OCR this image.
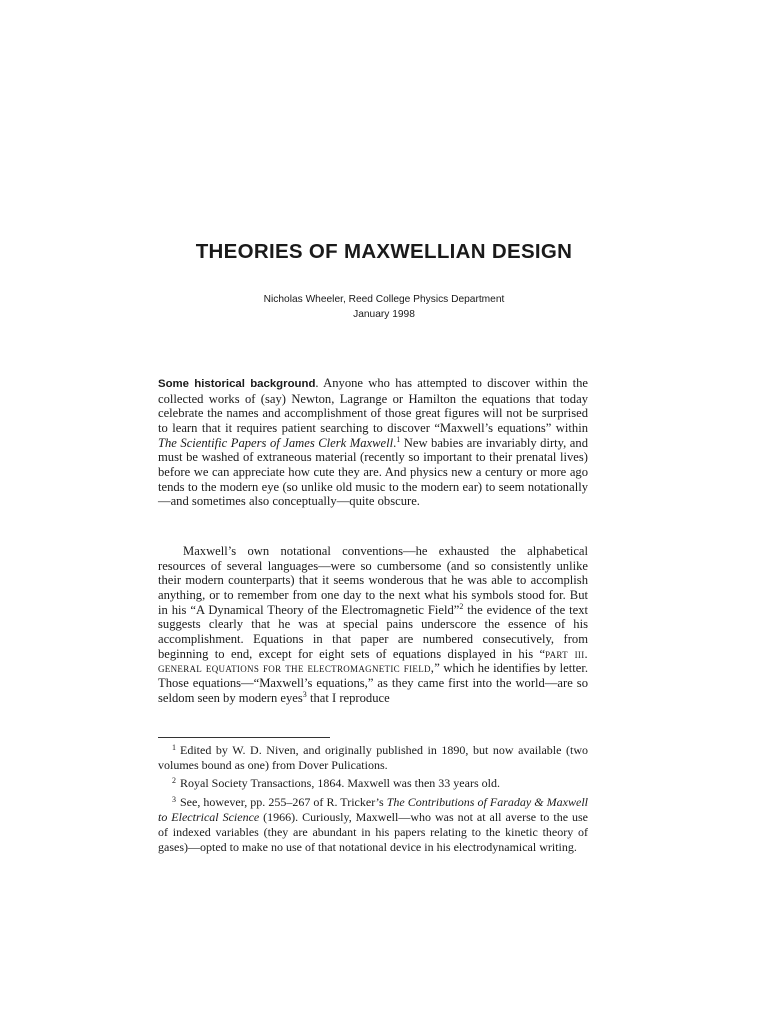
THEORIES OF MAXWELLIAN DESIGN

Nicholas Wheeler, Reed College Physics Department

January 1998

Some historical background. Anyone who has attempted to discover within the collected works of (say) Newton, Lagrange or Hamilton the equations that today celebrate the names and accomplishment of those great figures will not be surprised to learn that it requires patient searching to discover “Maxwell’s equations” within The Scientific Papers of James Clerk Maxwell.$^1$ New babies are invariably dirty, and must be washed of extraneous material (recently so important to their prenatal lives) before we can appreciate how cute they are. And physics new a century or more ago tends to the modern eye (so unlike old music to the modern ear) to seem notationally—and sometimes also conceptually—quite obscure.

Maxwell’s own notational conventions—he exhausted the alphabetical resources of several languages—were so cumbersome (and so consistently unlike their modern counterparts) that it seems wonderous that he was able to accomplish anything, or to remember from one day to the next what his symbols stood for. But in his “A Dynamical Theory of the Electromagnetic Field”$^2$ the evidence of the text suggests clearly that he was at special pains underscore the essence of his accomplishment. Equations in that paper are numbered consecutively, from beginning to end, except for eight sets of equations displayed in his “part iii. general equations for the electromagnetic field,” which he identifies by letter. Those equations—“Maxwell’s equations,” as they came first into the world—are so seldom seen by modern eyes$^3$ that I reproduce

$^1$ Edited by W. D. Niven, and originally published in 1890, but now available (two volumes bound as one) from Dover Pulications.

$^2$ Royal Society Transactions, 1864. Maxwell was then 33 years old.

$^3$ See, however, pp. 255–267 of R. Tricker’s The Contributions of Faraday & Maxwell to Electrical Science (1966). Curiously, Maxwell—who was not at all averse to the use of indexed variables (they are abundant in his papers relating to the kinetic theory of gases)—opted to make no use of that notational device in his electrodynamical writing.
